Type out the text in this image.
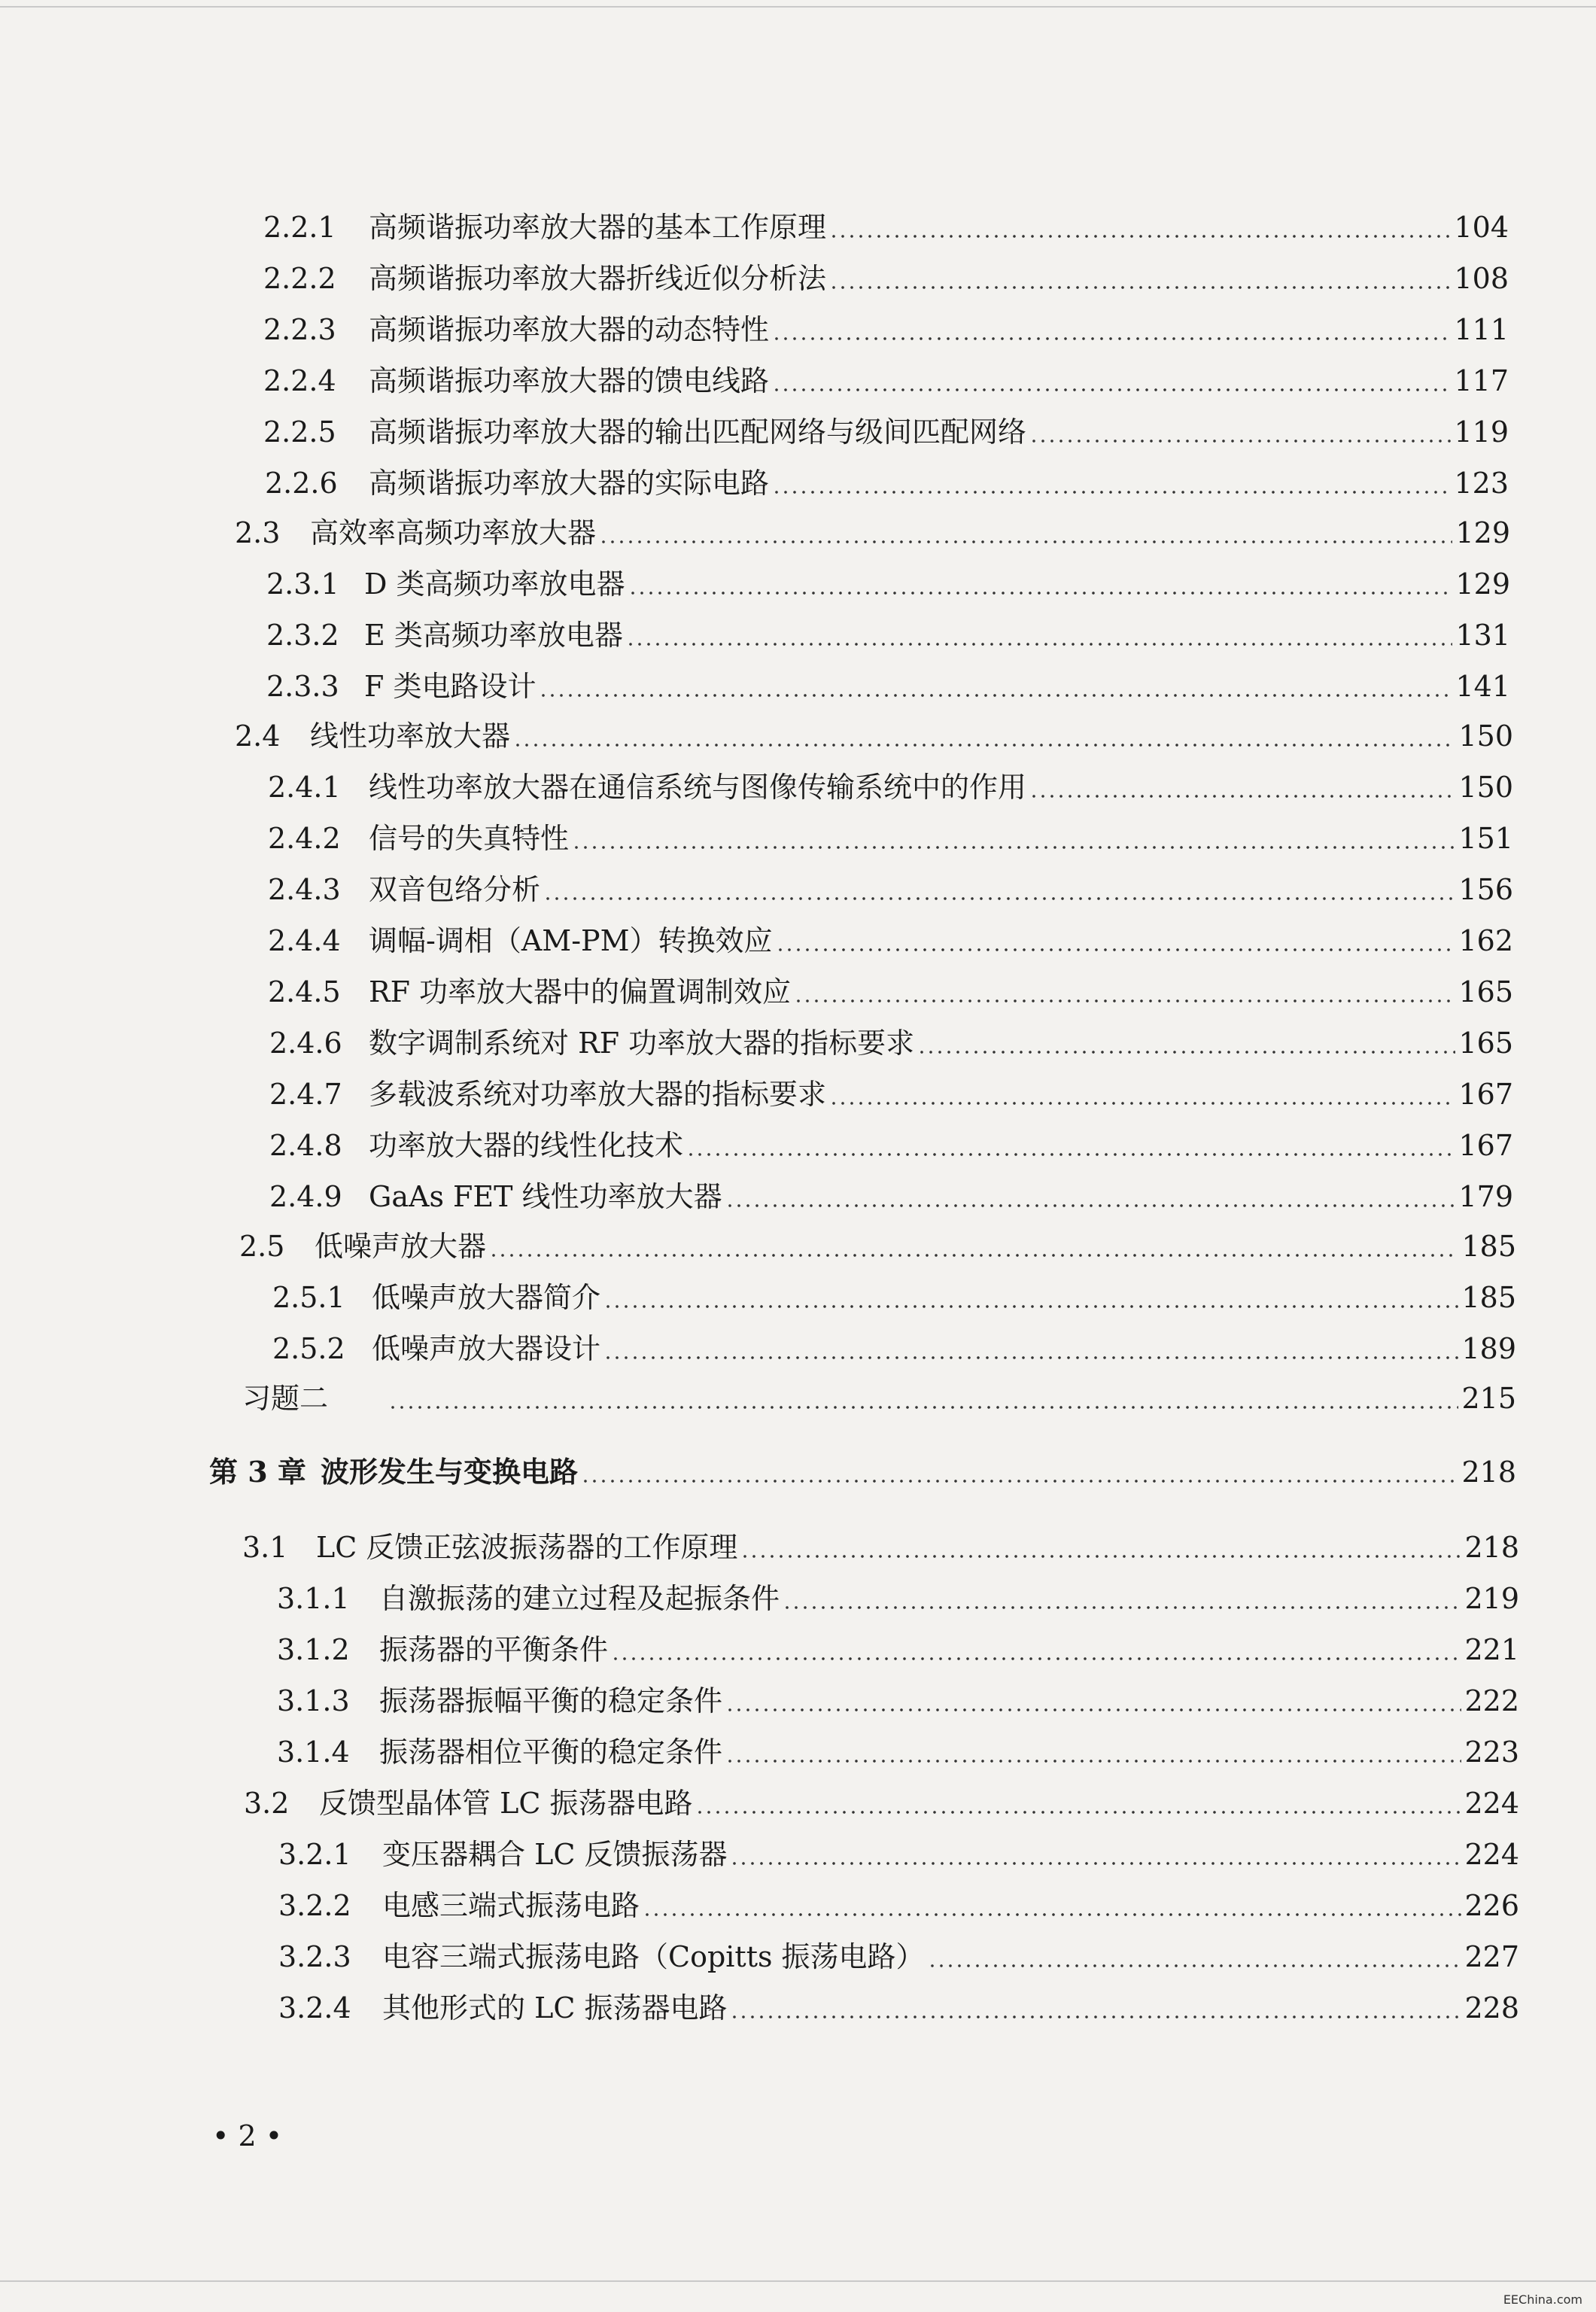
2.2.1	高频谐振功率放大器的基本工作原理	104
2.2.2	高频谐振功率放大器折线近似分析法	108
2.2.3	高频谐振功率放大器的动态特性	111
2.2.4	高频谐振功率放大器的馈电线路	117
2.2.5	高频谐振功率放大器的输出匹配网络与级间匹配网络	119
2.2.6	高频谐振功率放大器的实际电路	123
2.3	高效率高频功率放大器	129
2.3.1 D 类高频功率放电器	129
2.3.2 E 类高频功率放电器	131
2.3.3 F 类电路设计	141
2.4	线性功率放大器	150
2.4.1 线性功率放大器在通信系统与图像传输系统中的作用	150
2.4.2 信号的失真特性	151
2.4.3 双音包络分析	156
2.4.4 调幅-调相（AM-PM）转换效应	162
2.4.5 RF 功率放大器中的偏置调制效应	165
2.4.6 数字调制系统对 RF 功率放大器的指标要求	165
2.4.7 多载波系统对功率放大器的指标要求	167
2.4.8 功率放大器的线性化技术	167
2.4.9 GaAs FET 线性功率放大器	179
2.5	低噪声放大器	185
2.5.1 低噪声放大器简介	185
2.5.2 低噪声放大器设计	189
习题二	215
第 3 章 波形发生与变换电路	218
3.1 LC 反馈正弦波振荡器的工作原理	218
3.1.1	自激振荡的建立过程及起振条件	219
3.1.2	振荡器的平衡条件	221
3.1.3	振荡器振幅平衡的稳定条件	222
3.1.4	振荡器相位平衡的稳定条件	223
3.2	反馈型晶体管 LC 振荡器电路	224
3.2.1	变压器耦合 LC 反馈振荡器	224
3.2.2	电感三端式振荡电路	226
3.2.3	电容三端式振荡电路（Copitts 振荡电路）	227
3.2.4	其他形式的 LC 振荡器电路	228
• 2 •
EEChina.com
